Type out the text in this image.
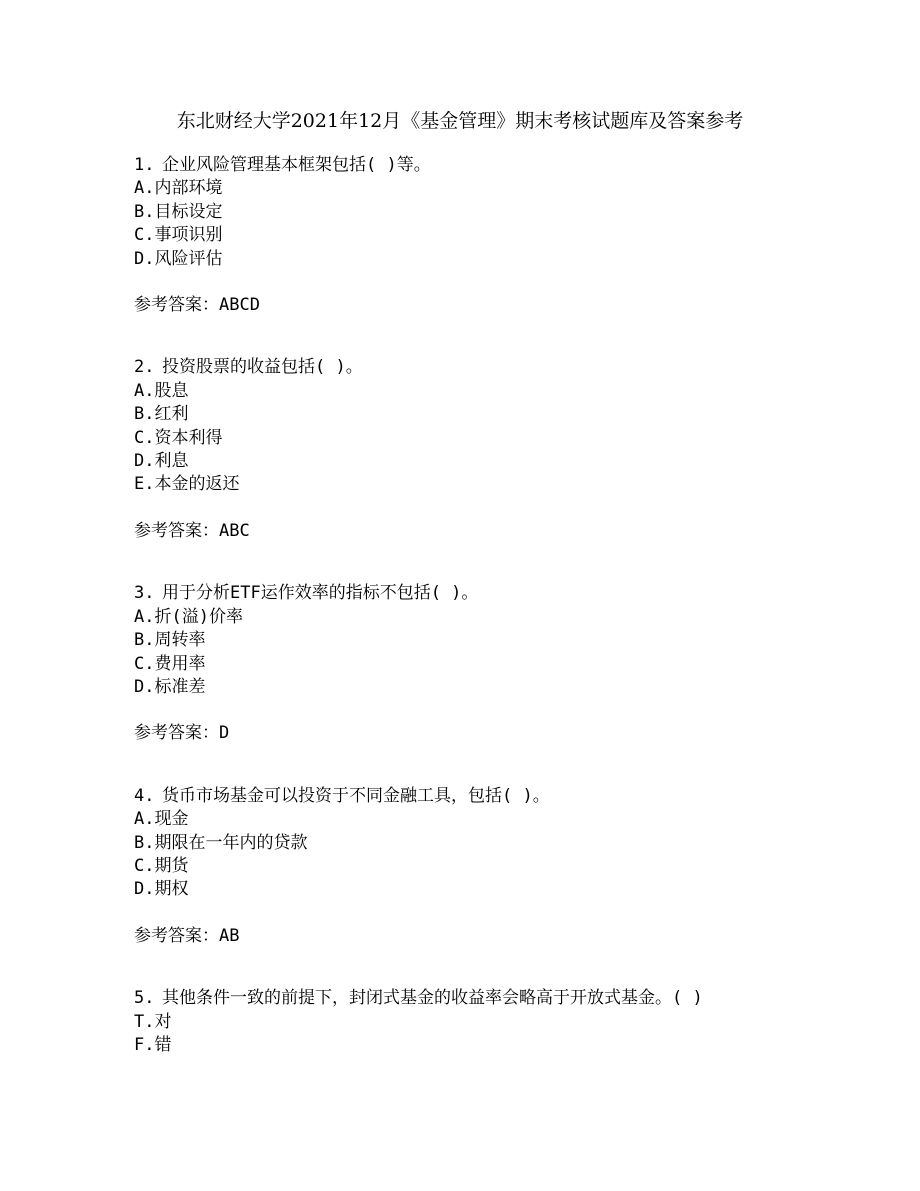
东北财经大学2021年12月《基金管理》期末考核试题库及答案参考
1. 企业风险管理基本框架包括( )等。
A.内部环境
B.目标设定
C.事项识别
D.风险评估
参考答案：ABCD
2. 投资股票的收益包括( )。
A.股息
B.红利
C.资本利得
D.利息
E.本金的返还
参考答案：ABC
3. 用于分析ETF运作效率的指标不包括( )。
A.折(溢)价率
B.周转率
C.费用率
D.标准差
参考答案：D
4. 货币市场基金可以投资于不同金融工具，包括( )。
A.现金
B.期限在一年内的贷款
C.期货
D.期权
参考答案：AB
5. 其他条件一致的前提下，封闭式基金的收益率会略高于开放式基金。( )
T.对
F.错
